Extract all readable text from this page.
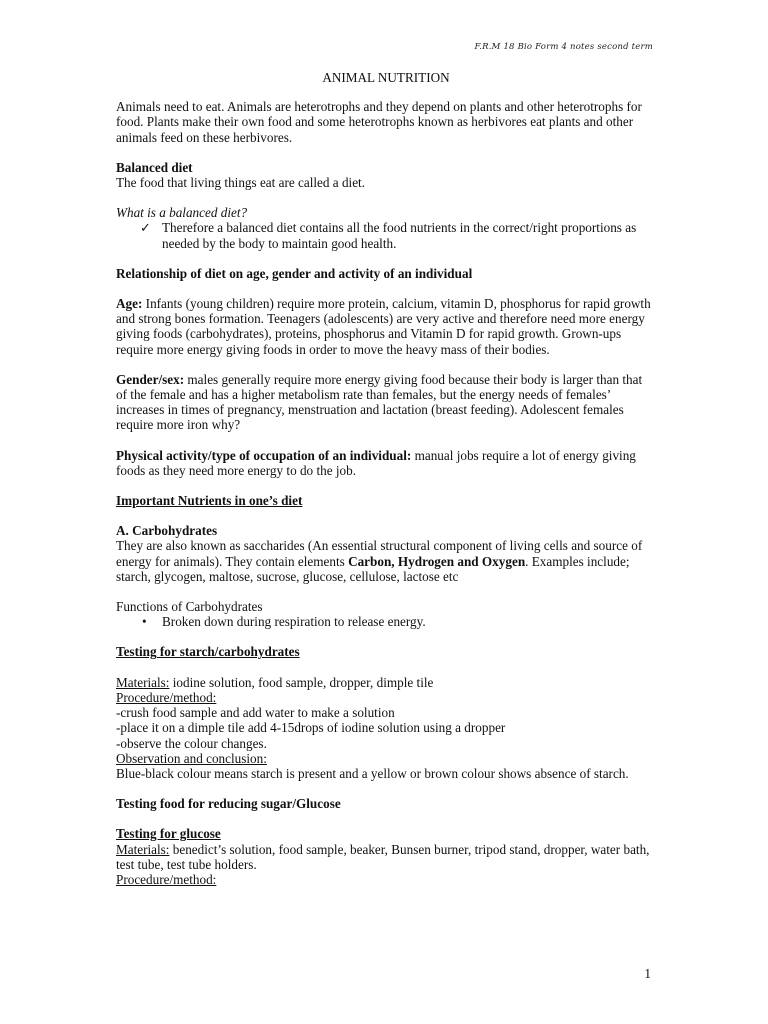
F.R.M 18 Bio Form 4 notes second term
ANIMAL NUTRITION

Animals need to eat. Animals are heterotrophs and they depend on plants and other heterotrophs for food. Plants make their own food and some heterotrophs known as herbivores eat plants and other animals feed on these herbivores.

Balanced diet

The food that living things eat are called a diet.

What is a balanced diet?
✓ Therefore a balanced diet contains all the food nutrients in the correct/right proportions as needed by the body to maintain good health.

Relationship of diet on age, gender and activity of an individual

Age: Infants (young children) require more protein, calcium, vitamin D, phosphorus for rapid growth and strong bones formation. Teenagers (adolescents) are very active and therefore need more energy giving foods (carbohydrates), proteins, phosphorus and Vitamin D for rapid growth. Grown-ups require more energy giving foods in order to move the heavy mass of their bodies.

Gender/sex: males generally require more energy giving food because their body is larger than that of the female and has a higher metabolism rate than females, but the energy needs of females’ increases in times of pregnancy, menstruation and lactation (breast feeding). Adolescent females require more iron why?

Physical activity/type of occupation of an individual: manual jobs require a lot of energy giving foods as they need more energy to do the job.

Important Nutrients in one’s diet

A. Carbohydrates

They are also known as saccharides (An essential structural component of living cells and source of energy for animals). They contain elements Carbon, Hydrogen and Oxygen. Examples include; starch, glycogen, maltose, sucrose, glucose, cellulose, lactose etc

Functions of Carbohydrates
•	Broken down during respiration to release energy.

Testing for starch/carbohydrates

Materials: iodine solution, food sample, dropper, dimple tile
Procedure/method:
-crush food sample and add water to make a solution
-place it on a dimple tile add 4-15drops of iodine solution using a dropper
-observe the colour changes.
Observation and conclusion:

Blue-black colour means starch is present and a yellow or brown colour shows absence of starch.

Testing food for reducing sugar/Glucose

Testing for glucose
Materials: benedict’s solution, food sample, beaker, Bunsen burner, tripod stand, dropper, water bath, test tube, test tube holders.
Procedure/method:
1
